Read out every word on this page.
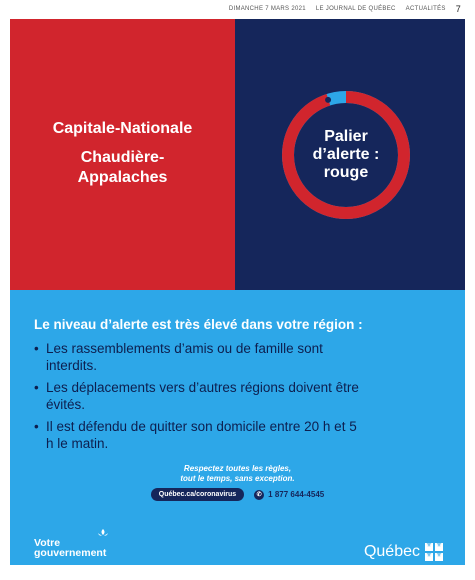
DIMANCHE 7 MARS 2021 LE JOURNAL DE QUÉBEC ACTUALITÉS 7
Capitale-Nationale
Chaudière-Appalaches
Palier d’alerte : rouge
Le niveau d’alerte est très élevé dans votre région :
• Les rassemblements d’amis ou de famille sont interdits.
• Les déplacements vers d’autres régions doivent être évités.
• Il est défendu de quitter son domicile entre 20 h et 5 h le matin.
Respectez toutes les règles,
tout le temps, sans exception.
Québec.ca/coronavirus	✆ 1 877 644-4545
Votre
gouvernement	Québec
⚜
⚜
⚜
⚜
